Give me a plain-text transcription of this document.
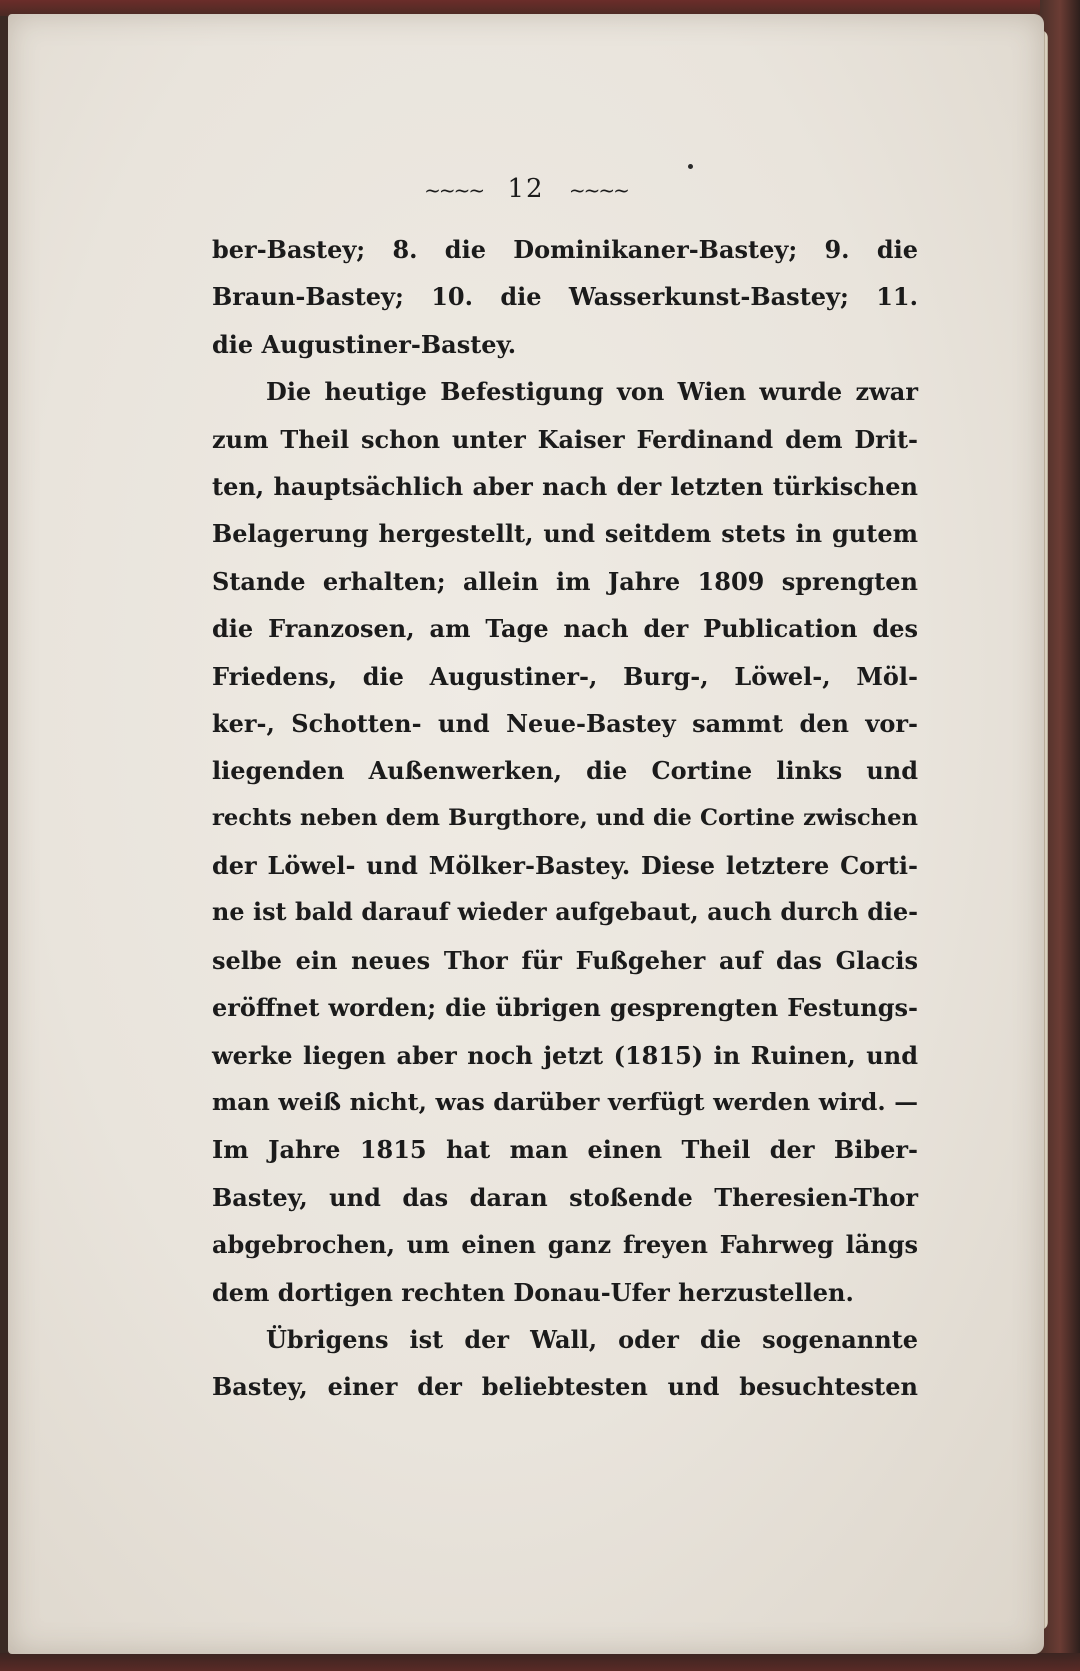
~~~~ 12 ~~~~
ber-Bastey; 8. die Dominikaner-Bastey; 9. die
Braun-Bastey; 10. die Wasserkunst-Bastey; 11.
die Augustiner-Bastey.
Die heutige Befestigung von Wien wurde zwar
zum Theil schon unter Kaiser Ferdinand dem Drit-
ten, hauptsächlich aber nach der letzten türkischen
Belagerung hergestellt, und seitdem stets in gutem
Stande erhalten; allein im Jahre 1809 sprengten
die Franzosen, am Tage nach der Publication des
Friedens, die Augustiner-, Burg-, Löwel-, Möl-
ker-, Schotten- und Neue-Bastey sammt den vor-
liegenden Außenwerken, die Cortine links und
rechts neben dem Burgthore, und die Cortine zwischen
der Löwel- und Mölker-Bastey. Diese letztere Corti-
ne ist bald darauf wieder aufgebaut, auch durch die-
selbe ein neues Thor für Fußgeher auf das Glacis
eröffnet worden; die übrigen gesprengten Festungs-
werke liegen aber noch jetzt (1815) in Ruinen, und
man weiß nicht, was darüber verfügt werden wird. —
Im Jahre 1815 hat man einen Theil der Biber-
Bastey, und das daran stoßende Theresien-Thor
abgebrochen, um einen ganz freyen Fahrweg längs
dem dortigen rechten Donau-Ufer herzustellen.
Übrigens ist der Wall, oder die sogenannte
Bastey, einer der beliebtesten und besuchtesten
